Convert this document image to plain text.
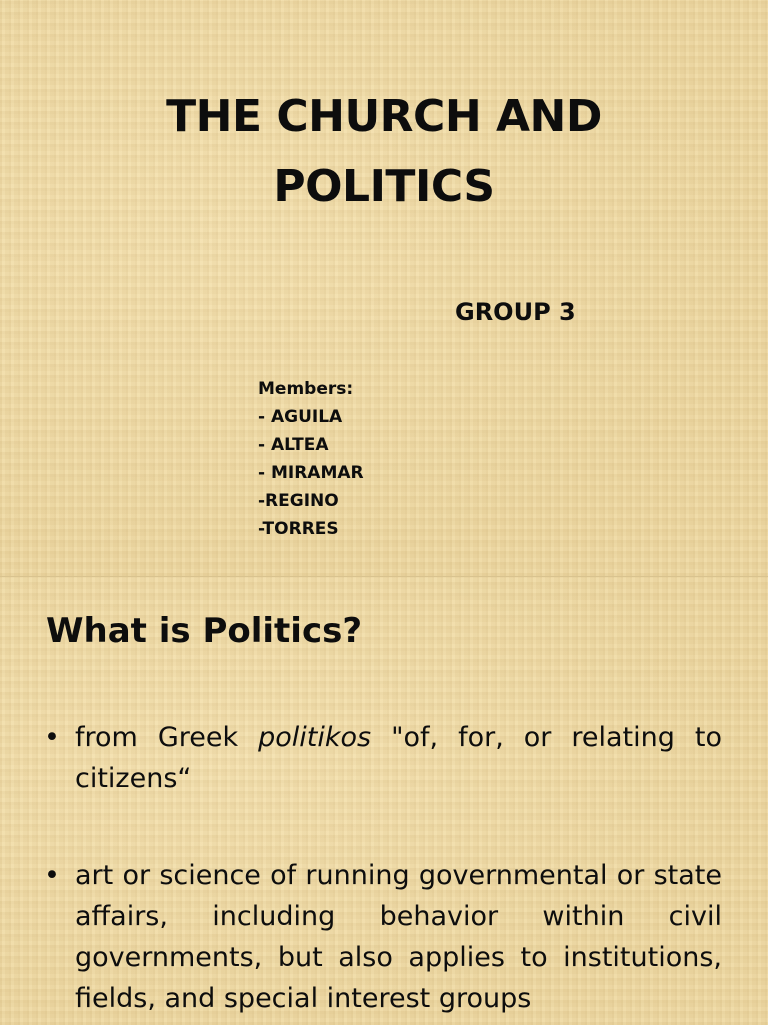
THE CHURCH AND POLITICS

GROUP 3

Members:
- AGUILA
- ALTEA
- MIRAMAR
-REGINO
-TORRES
What is Politics?
• from Greek politikos "of, for, or relating to citizens“
• art or science of running governmental or state affairs, including behavior within civil governments, but also applies to institutions, fields, and special interest groups
